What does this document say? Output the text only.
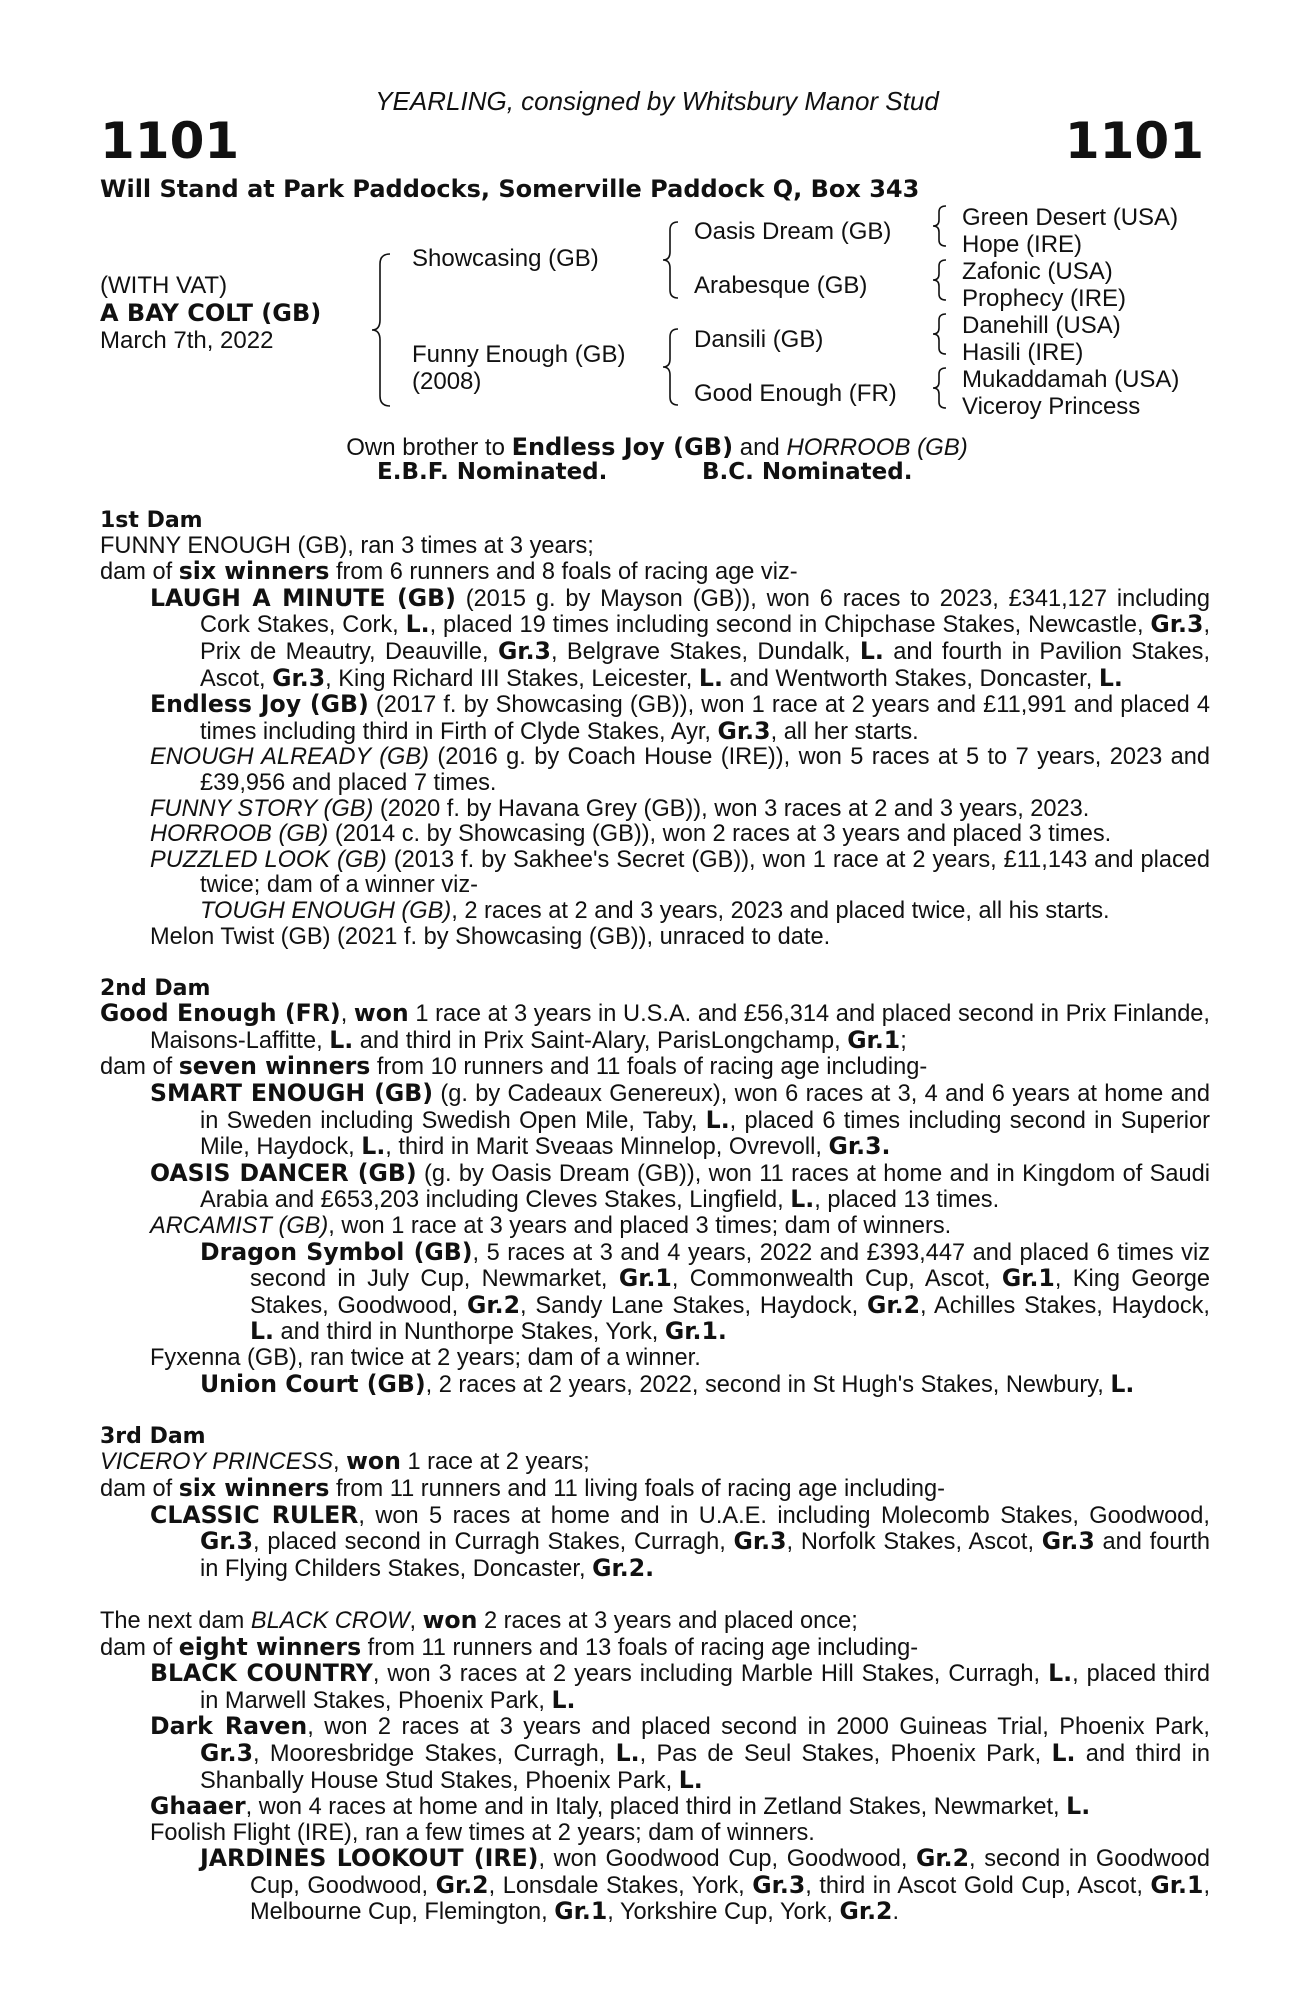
YEARLING, consigned by Whitsbury Manor Stud
1101	1101
Will Stand at Park Paddocks, Somerville Paddock Q, Box 343
(WITH VAT)
A BAY COLT (GB)
March 7th, 2022
Showcasing (GB)
Funny Enough (GB)
(2008)
Oasis Dream (GB)
Arabesque (GB)
Dansili (GB)
Good Enough (FR)
Green Desert (USA)
Hope (IRE)
Zafonic (USA)
Prophecy (IRE)
Danehill (USA)
Hasili (IRE)
Mukaddamah (USA)
Viceroy Princess
Own brother to Endless Joy (GB) and HORROOB (GB)
E.B.F. Nominated.	B.C. Nominated.

1st Dam

FUNNY ENOUGH (GB), ran 3 times at 3 years;

dam of six winners from 6 runners and 8 foals of racing age viz-

LAUGH A MINUTE (GB) (2015 g. by Mayson (GB)), won 6 races to 2023, £341,127 including Cork Stakes, Cork, L., placed 19 times including second in Chipchase Stakes, Newcastle, Gr.3, Prix de Meautry, Deauville, Gr.3, Belgrave Stakes, Dundalk, L. and fourth in Pavilion Stakes, Ascot, Gr.3, King Richard III Stakes, Leicester, L. and Wentworth Stakes, Doncaster, L.

Endless Joy (GB) (2017 f. by Showcasing (GB)), won 1 race at 2 years and £11,991 and placed 4 times including third in Firth of Clyde Stakes, Ayr, Gr.3, all her starts.

ENOUGH ALREADY (GB) (2016 g. by Coach House (IRE)), won 5 races at 5 to 7 years, 2023 and £39,956 and placed 7 times.

FUNNY STORY (GB) (2020 f. by Havana Grey (GB)), won 3 races at 2 and 3 years, 2023.

HORROOB (GB) (2014 c. by Showcasing (GB)), won 2 races at 3 years and placed 3 times.

PUZZLED LOOK (GB) (2013 f. by Sakhee's Secret (GB)), won 1 race at 2 years, £11,143 and placed twice; dam of a winner viz-

TOUGH ENOUGH (GB), 2 races at 2 and 3 years, 2023 and placed twice, all his starts.

Melon Twist (GB) (2021 f. by Showcasing (GB)), unraced to date.

2nd Dam

Good Enough (FR), won 1 race at 3 years in U.S.A. and £56,314 and placed second in Prix Finlande, Maisons-Laffitte, L. and third in Prix Saint-Alary, ParisLongchamp, Gr.1;

dam of seven winners from 10 runners and 11 foals of racing age including-

SMART ENOUGH (GB) (g. by Cadeaux Genereux), won 6 races at 3, 4 and 6 years at home and in Sweden including Swedish Open Mile, Taby, L., placed 6 times including second in Superior Mile, Haydock, L., third in Marit Sveaas Minnelop, Ovrevoll, Gr.3.

OASIS DANCER (GB) (g. by Oasis Dream (GB)), won 11 races at home and in Kingdom of Saudi Arabia and £653,203 including Cleves Stakes, Lingfield, L., placed 13 times.

ARCAMIST (GB), won 1 race at 3 years and placed 3 times; dam of winners.

Dragon Symbol (GB), 5 races at 3 and 4 years, 2022 and £393,447 and placed 6 times viz second in July Cup, Newmarket, Gr.1, Commonwealth Cup, Ascot, Gr.1, King George Stakes, Goodwood, Gr.2, Sandy Lane Stakes, Haydock, Gr.2, Achilles Stakes, Haydock, L. and third in Nunthorpe Stakes, York, Gr.1.

Fyxenna (GB), ran twice at 2 years; dam of a winner.

Union Court (GB), 2 races at 2 years, 2022, second in St Hugh's Stakes, Newbury, L.

3rd Dam

VICEROY PRINCESS, won 1 race at 2 years;

dam of six winners from 11 runners and 11 living foals of racing age including-

CLASSIC RULER, won 5 races at home and in U.A.E. including Molecomb Stakes, Goodwood, Gr.3, placed second in Curragh Stakes, Curragh, Gr.3, Norfolk Stakes, Ascot, Gr.3 and fourth in Flying Childers Stakes, Doncaster, Gr.2.

The next dam BLACK CROW, won 2 races at 3 years and placed once;

dam of eight winners from 11 runners and 13 foals of racing age including-

BLACK COUNTRY, won 3 races at 2 years including Marble Hill Stakes, Curragh, L., placed third in Marwell Stakes, Phoenix Park, L.

Dark Raven, won 2 races at 3 years and placed second in 2000 Guineas Trial, Phoenix Park, Gr.3, Mooresbridge Stakes, Curragh, L., Pas de Seul Stakes, Phoenix Park, L. and third in Shanbally House Stud Stakes, Phoenix Park, L.

Ghaaer, won 4 races at home and in Italy, placed third in Zetland Stakes, Newmarket, L.

Foolish Flight (IRE), ran a few times at 2 years; dam of winners.

JARDINES LOOKOUT (IRE), won Goodwood Cup, Goodwood, Gr.2, second in Goodwood Cup, Goodwood, Gr.2, Lonsdale Stakes, York, Gr.3, third in Ascot Gold Cup, Ascot, Gr.1, Melbourne Cup, Flemington, Gr.1, Yorkshire Cup, York, Gr.2.
